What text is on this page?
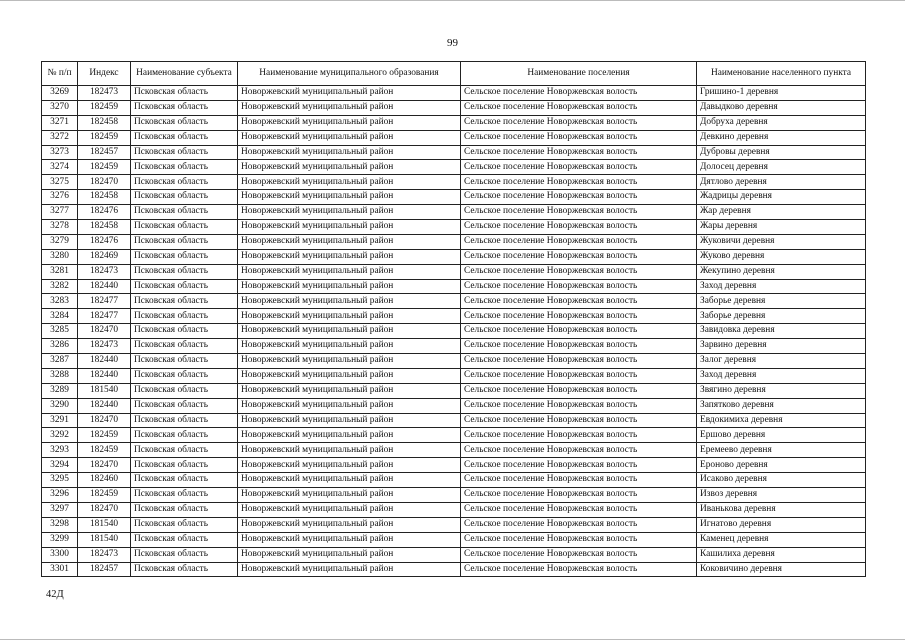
99
№ п/п	Индекс	Наименование субъекта	Наименование муниципального образования	Наименование поселения	Наименование населенного пункта
3269	182473	Псковская область	Новоржевский муниципальный район	Сельское поселение Новоржевская волость	Гришино-1 деревня
3270	182459	Псковская область	Новоржевский муниципальный район	Сельское поселение Новоржевская волость	Давыдково деревня
3271	182458	Псковская область	Новоржевский муниципальный район	Сельское поселение Новоржевская волость	Добруха деревня
3272	182459	Псковская область	Новоржевский муниципальный район	Сельское поселение Новоржевская волость	Девкино деревня
3273	182457	Псковская область	Новоржевский муниципальный район	Сельское поселение Новоржевская волость	Дубровы деревня
3274	182459	Псковская область	Новоржевский муниципальный район	Сельское поселение Новоржевская волость	Долосец деревня
3275	182470	Псковская область	Новоржевский муниципальный район	Сельское поселение Новоржевская волость	Дятлово деревня
3276	182458	Псковская область	Новоржевский муниципальный район	Сельское поселение Новоржевская волость	Жадрицы деревня
3277	182476	Псковская область	Новоржевский муниципальный район	Сельское поселение Новоржевская волость	Жар деревня
3278	182458	Псковская область	Новоржевский муниципальный район	Сельское поселение Новоржевская волость	Жары деревня
3279	182476	Псковская область	Новоржевский муниципальный район	Сельское поселение Новоржевская волость	Жуковичи деревня
3280	182469	Псковская область	Новоржевский муниципальный район	Сельское поселение Новоржевская волость	Жуково деревня
3281	182473	Псковская область	Новоржевский муниципальный район	Сельское поселение Новоржевская волость	Жекупино деревня
3282	182440	Псковская область	Новоржевский муниципальный район	Сельское поселение Новоржевская волость	Заход деревня
3283	182477	Псковская область	Новоржевский муниципальный район	Сельское поселение Новоржевская волость	Заборье деревня
3284	182477	Псковская область	Новоржевский муниципальный район	Сельское поселение Новоржевская волость	Заборье деревня
3285	182470	Псковская область	Новоржевский муниципальный район	Сельское поселение Новоржевская волость	Завидовка деревня
3286	182473	Псковская область	Новоржевский муниципальный район	Сельское поселение Новоржевская волость	Зарвино деревня
3287	182440	Псковская область	Новоржевский муниципальный район	Сельское поселение Новоржевская волость	Залог деревня
3288	182440	Псковская область	Новоржевский муниципальный район	Сельское поселение Новоржевская волость	Заход деревня
3289	181540	Псковская область	Новоржевский муниципальный район	Сельское поселение Новоржевская волость	Звягино деревня
3290	182440	Псковская область	Новоржевский муниципальный район	Сельское поселение Новоржевская волость	Запятково деревня
3291	182470	Псковская область	Новоржевский муниципальный район	Сельское поселение Новоржевская волость	Евдокимиха деревня
3292	182459	Псковская область	Новоржевский муниципальный район	Сельское поселение Новоржевская волость	Ершово деревня
3293	182459	Псковская область	Новоржевский муниципальный район	Сельское поселение Новоржевская волость	Еремеево деревня
3294	182470	Псковская область	Новоржевский муниципальный район	Сельское поселение Новоржевская волость	Ероново деревня
3295	182460	Псковская область	Новоржевский муниципальный район	Сельское поселение Новоржевская волость	Исаково деревня
3296	182459	Псковская область	Новоржевский муниципальный район	Сельское поселение Новоржевская волость	Извоз деревня
3297	182470	Псковская область	Новоржевский муниципальный район	Сельское поселение Новоржевская волость	Иванькова деревня
3298	181540	Псковская область	Новоржевский муниципальный район	Сельское поселение Новоржевская волость	Игнатово деревня
3299	181540	Псковская область	Новоржевский муниципальный район	Сельское поселение Новоржевская волость	Каменец деревня
3300	182473	Псковская область	Новоржевский муниципальный район	Сельское поселение Новоржевская волость	Кашилиха деревня
3301	182457	Псковская область	Новоржевский муниципальный район	Сельское поселение Новоржевская волость	Коковичино деревня
42Д
